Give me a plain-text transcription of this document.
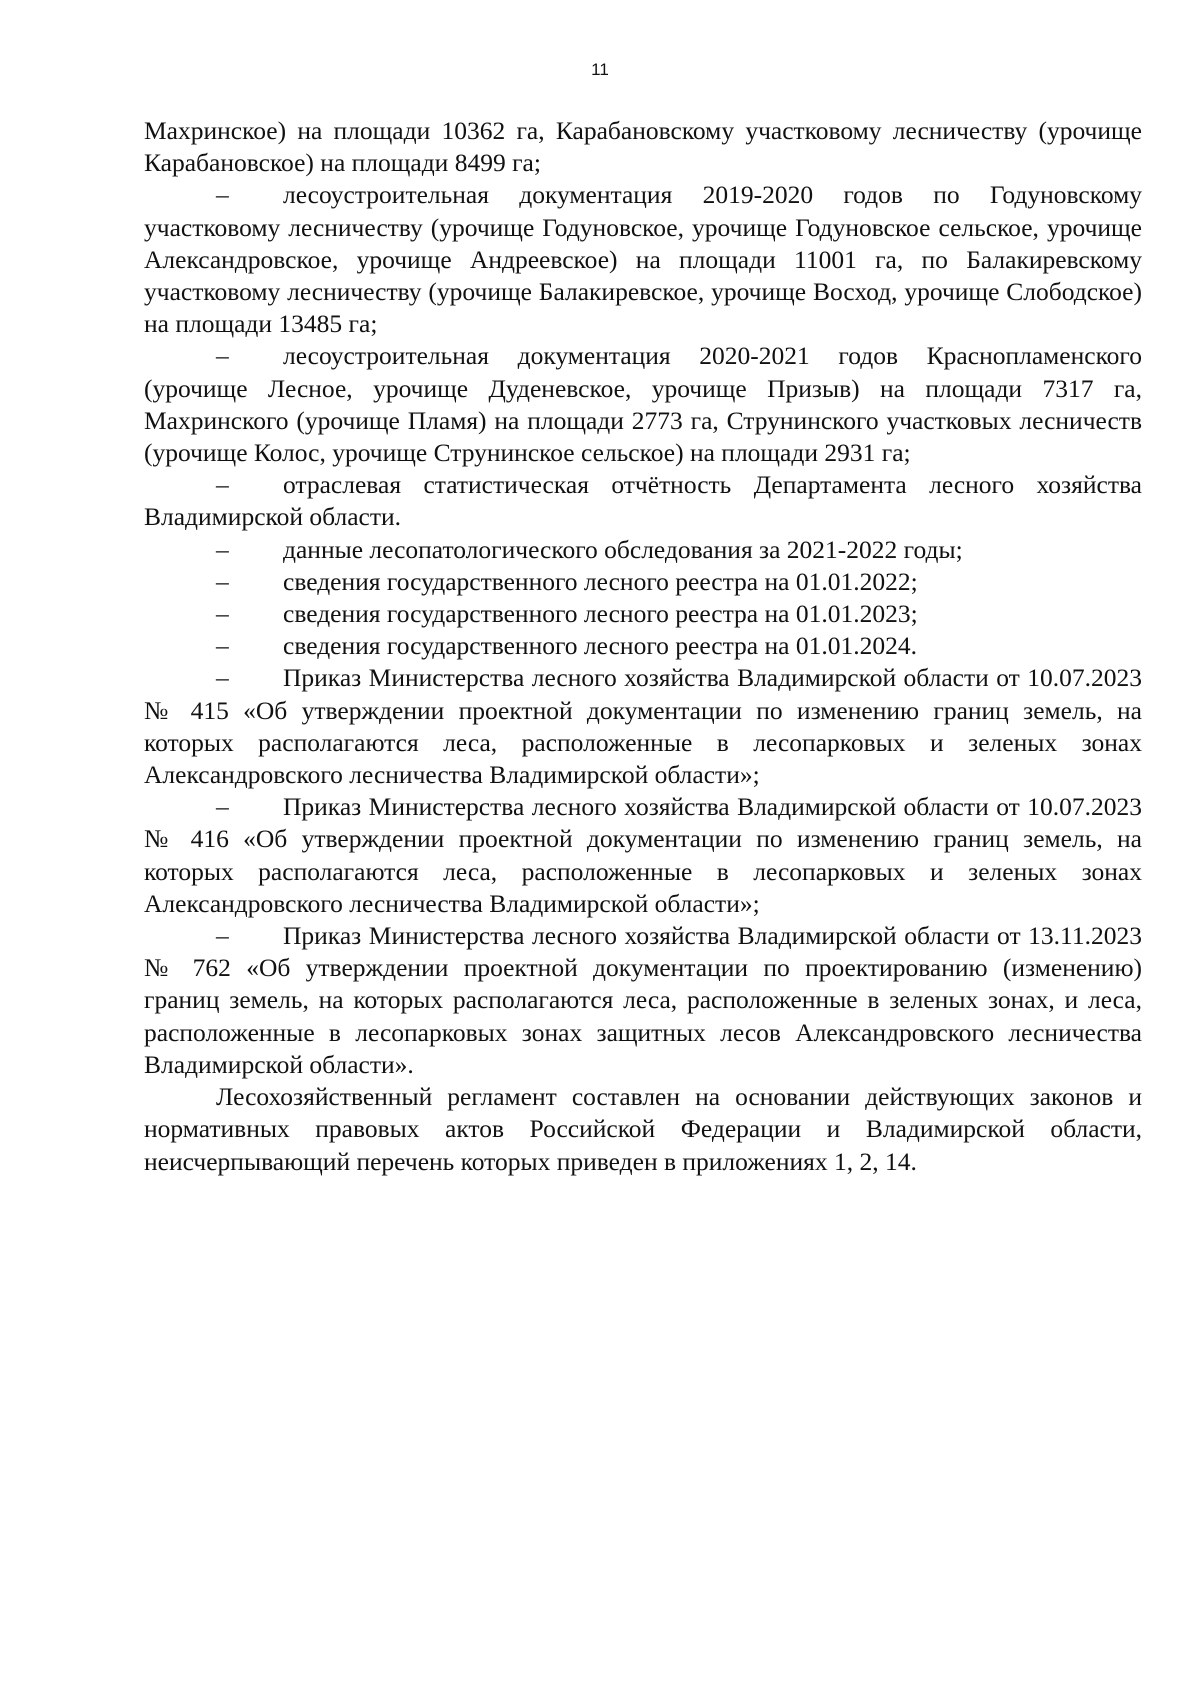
11

Махринское) на площади 10362 га, Карабановскому участковому лесничеству (урочище Карабановское) на площади 8499 га;

– лесоустроительная документация 2019-2020 годов по Годуновскому участковому лесничеству (урочище Годуновское, урочище Годуновское сельское, урочище Александровское, урочище Андреевское) на площади 11001 га, по Балакиревскому участковому лесничеству (урочище Балакиревское, урочище Восход, урочище Слободское) на площади 13485 га;

– лесоустроительная документация 2020-2021 годов Краснопламенского (урочище Лесное, урочище Дуденевское, урочище Призыв) на площади 7317 га, Махринского (урочище Пламя) на площади 2773 га, Струнинского участковых лесничеств (урочище Колос, урочище Струнинское сельское) на площади 2931 га;

– отраслевая статистическая отчётность Департамента лесного хозяйства Владимирской области.

– данные лесопатологического обследования за 2021-2022 годы;

– сведения государственного лесного реестра на 01.01.2022;

– сведения государственного лесного реестра на 01.01.2023;

– сведения государственного лесного реестра на 01.01.2024.

– Приказ Министерства лесного хозяйства Владимирской области от 10.07.2023 № 415 «Об утверждении проектной документации по изменению границ земель, на которых располагаются леса, расположенные в лесопарковых и зеленых зонах Александровского лесничества Владимирской области»;

– Приказ Министерства лесного хозяйства Владимирской области от 10.07.2023 № 416 «Об утверждении проектной документации по изменению границ земель, на которых располагаются леса, расположенные в лесопарковых и зеленых зонах Александровского лесничества Владимирской области»;

– Приказ Министерства лесного хозяйства Владимирской области от 13.11.2023 № 762 «Об утверждении проектной документации по проектированию (изменению) границ земель, на которых располагаются леса, расположенные в зеленых зонах, и леса, расположенные в лесопарковых зонах защитных лесов Александровского лесничества Владимирской области».

Лесохозяйственный регламент составлен на основании действующих законов и нормативных правовых актов Российской Федерации и Владимирской области, неисчерпывающий перечень которых приведен в приложениях 1, 2, 14.
